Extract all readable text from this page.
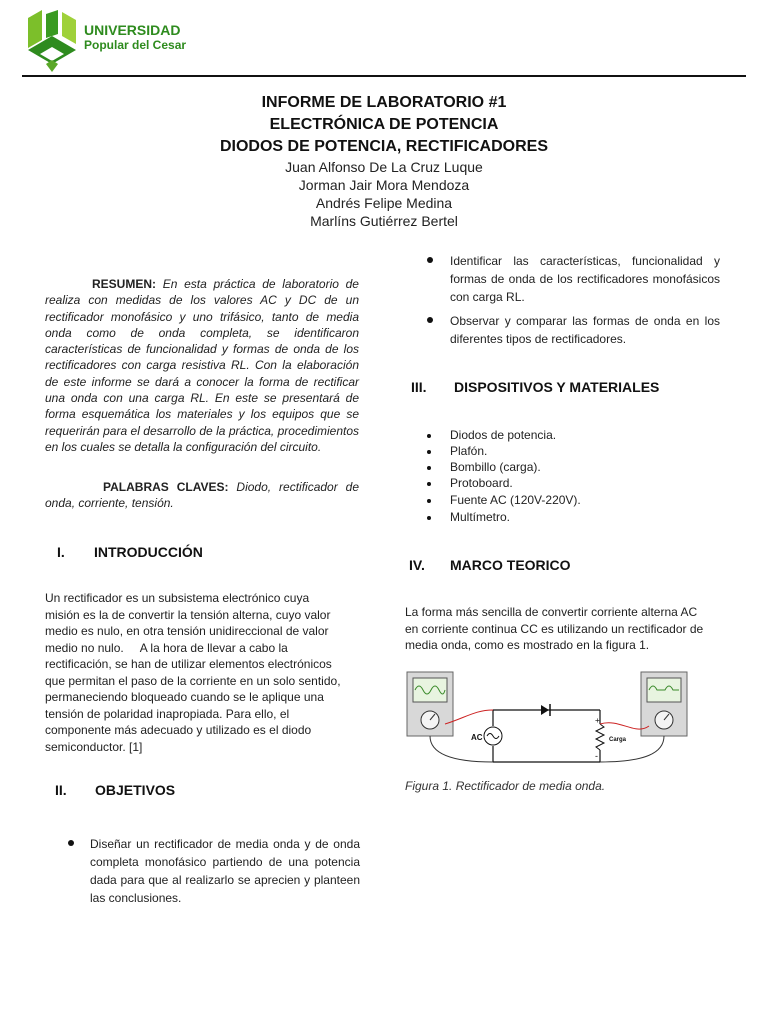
UNIVERSIDAD
Popular del Cesar
INFORME DE LABORATORIO #1
ELECTRÓNICA DE POTENCIA
DIODOS DE POTENCIA, RECTIFICADORES
Juan Alfonso De La Cruz Luque
Jorman Jair Mora Mendoza
Andrés Felipe Medina
Marlíns Gutiérrez Bertel
RESUMEN: En esta práctica de laboratorio de realiza con medidas de los valores AC y DC de un rectificador monofásico y uno trifásico, tanto de media onda como de onda completa, se identificaron características de funcionalidad y formas de onda de los rectificadores con carga resistiva RL. Con la elaboración de este informe se dará a conocer la forma de rectificar una onda con una carga RL. En este se presentará de forma esquemática los materiales y los equipos que se requerirán para el desarrollo de la práctica, procedimientos en los cuales se detalla la configuración del circuito.
PALABRAS CLAVES: Diodo, rectificador de onda, corriente, tensión.
I. INTRODUCCIÓN
Un rectificador es un subsistema electrónico cuya
misión es la de convertir la tensión alterna, cuyo valor
medio es nulo, en otra tensión unidireccional de valor
medio no nulo.     A la hora de llevar a cabo la
rectificación, se han de utilizar elementos electrónicos
que permitan el paso de la corriente en un solo sentido,
permaneciendo bloqueado cuando se le aplique una
tensión de polaridad inapropiada. Para ello, el
componente más adecuado y utilizado es el diodo
semiconductor. [1]
II. OBJETIVOS
Diseñar un rectificador de media onda y de onda completa monofásico partiendo de una potencia dada para que al realizarlo se aprecien y planteen las conclusiones.
Identificar las características, funcionalidad y formas de onda de los rectificadores monofásicos con carga RL.
Observar y comparar las formas de onda en los diferentes tipos de rectificadores.
III. DISPOSITIVOS Y MATERIALES
Diodos de potencia.
Plafón.
Bombillo (carga).
Protoboard.
Fuente AC (120V-220V).
Multímetro.
IV. MARCO TEORICO
La forma más sencilla de convertir corriente alterna AC
en corriente continua CC es utilizando un rectificador de
media onda, como es mostrado en la figura 1.
AC
+
-
Carga
Figura 1. Rectificador de media onda.
